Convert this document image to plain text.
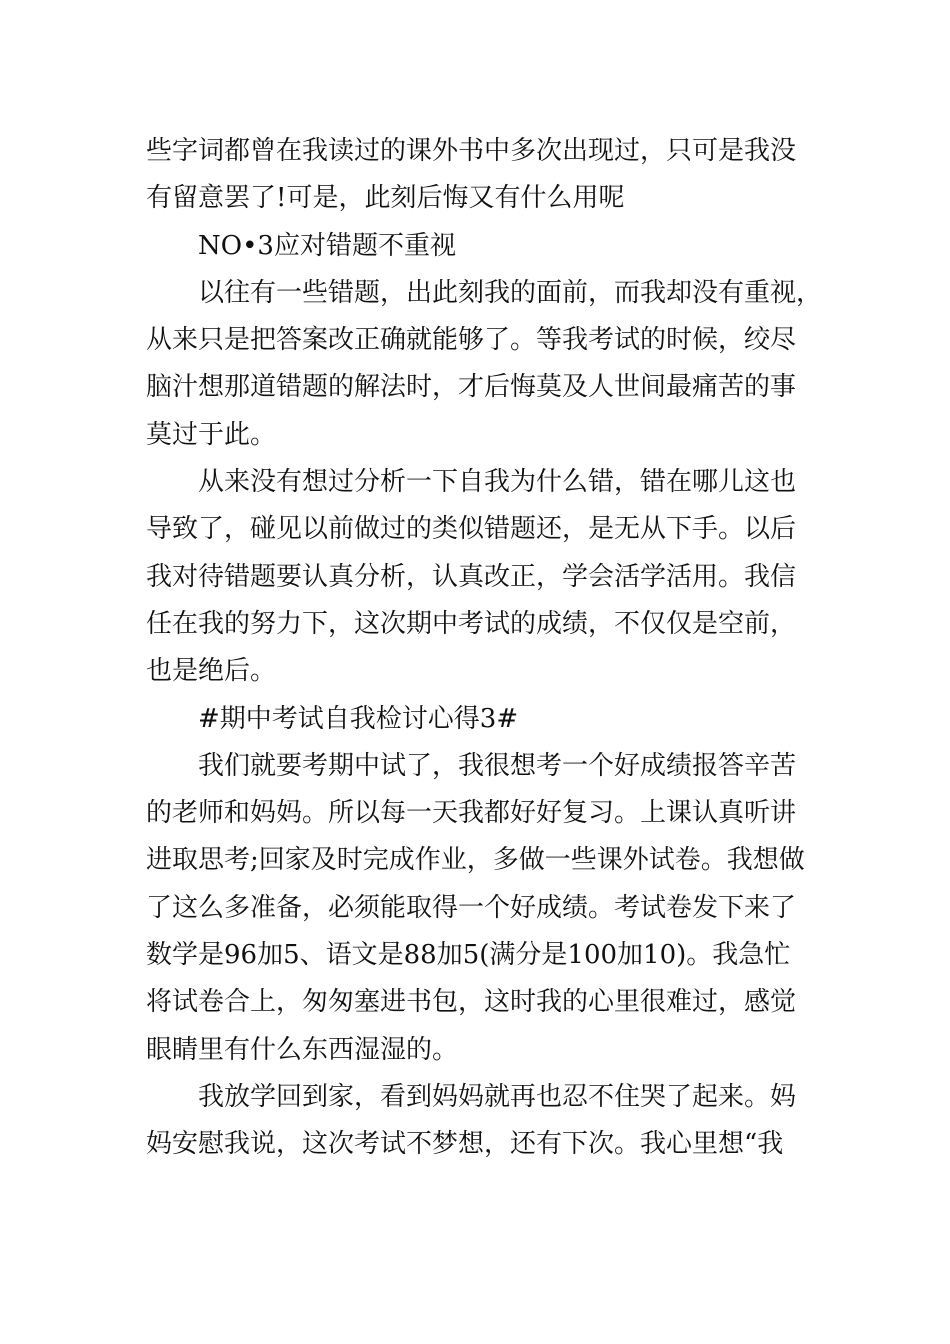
些字词都曾在我读过的课外书中多次出现过，只可是我没
有留意罢了!可是，此刻后悔又有什么用呢
NO•3应对错题不重视
以往有一些错题，出此刻我的面前，而我却没有重视，
从来只是把答案改正确就能够了。等我考试的时候，绞尽
脑汁想那道错题的解法时，才后悔莫及人世间最痛苦的事
莫过于此。
从来没有想过分析一下自我为什么错，错在哪儿这也
导致了，碰见以前做过的类似错题还，是无从下手。以后
我对待错题要认真分析，认真改正，学会活学活用。我信
任在我的努力下，这次期中考试的成绩，不仅仅是空前，
也是绝后。
#期中考试自我检讨心得3#
我们就要考期中试了，我很想考一个好成绩报答辛苦
的老师和妈妈。所以每一天我都好好复习。上课认真听讲
进取思考;回家及时完成作业，多做一些课外试卷。我想做
了这么多准备，必须能取得一个好成绩。考试卷发下来了
数学是96加5、语文是88加5(满分是100加10)。我急忙
将试卷合上，匆匆塞进书包，这时我的心里很难过，感觉
眼睛里有什么东西湿湿的。
我放学回到家，看到妈妈就再也忍不住哭了起来。妈
妈安慰我说，这次考试不梦想，还有下次。我心里想“我
